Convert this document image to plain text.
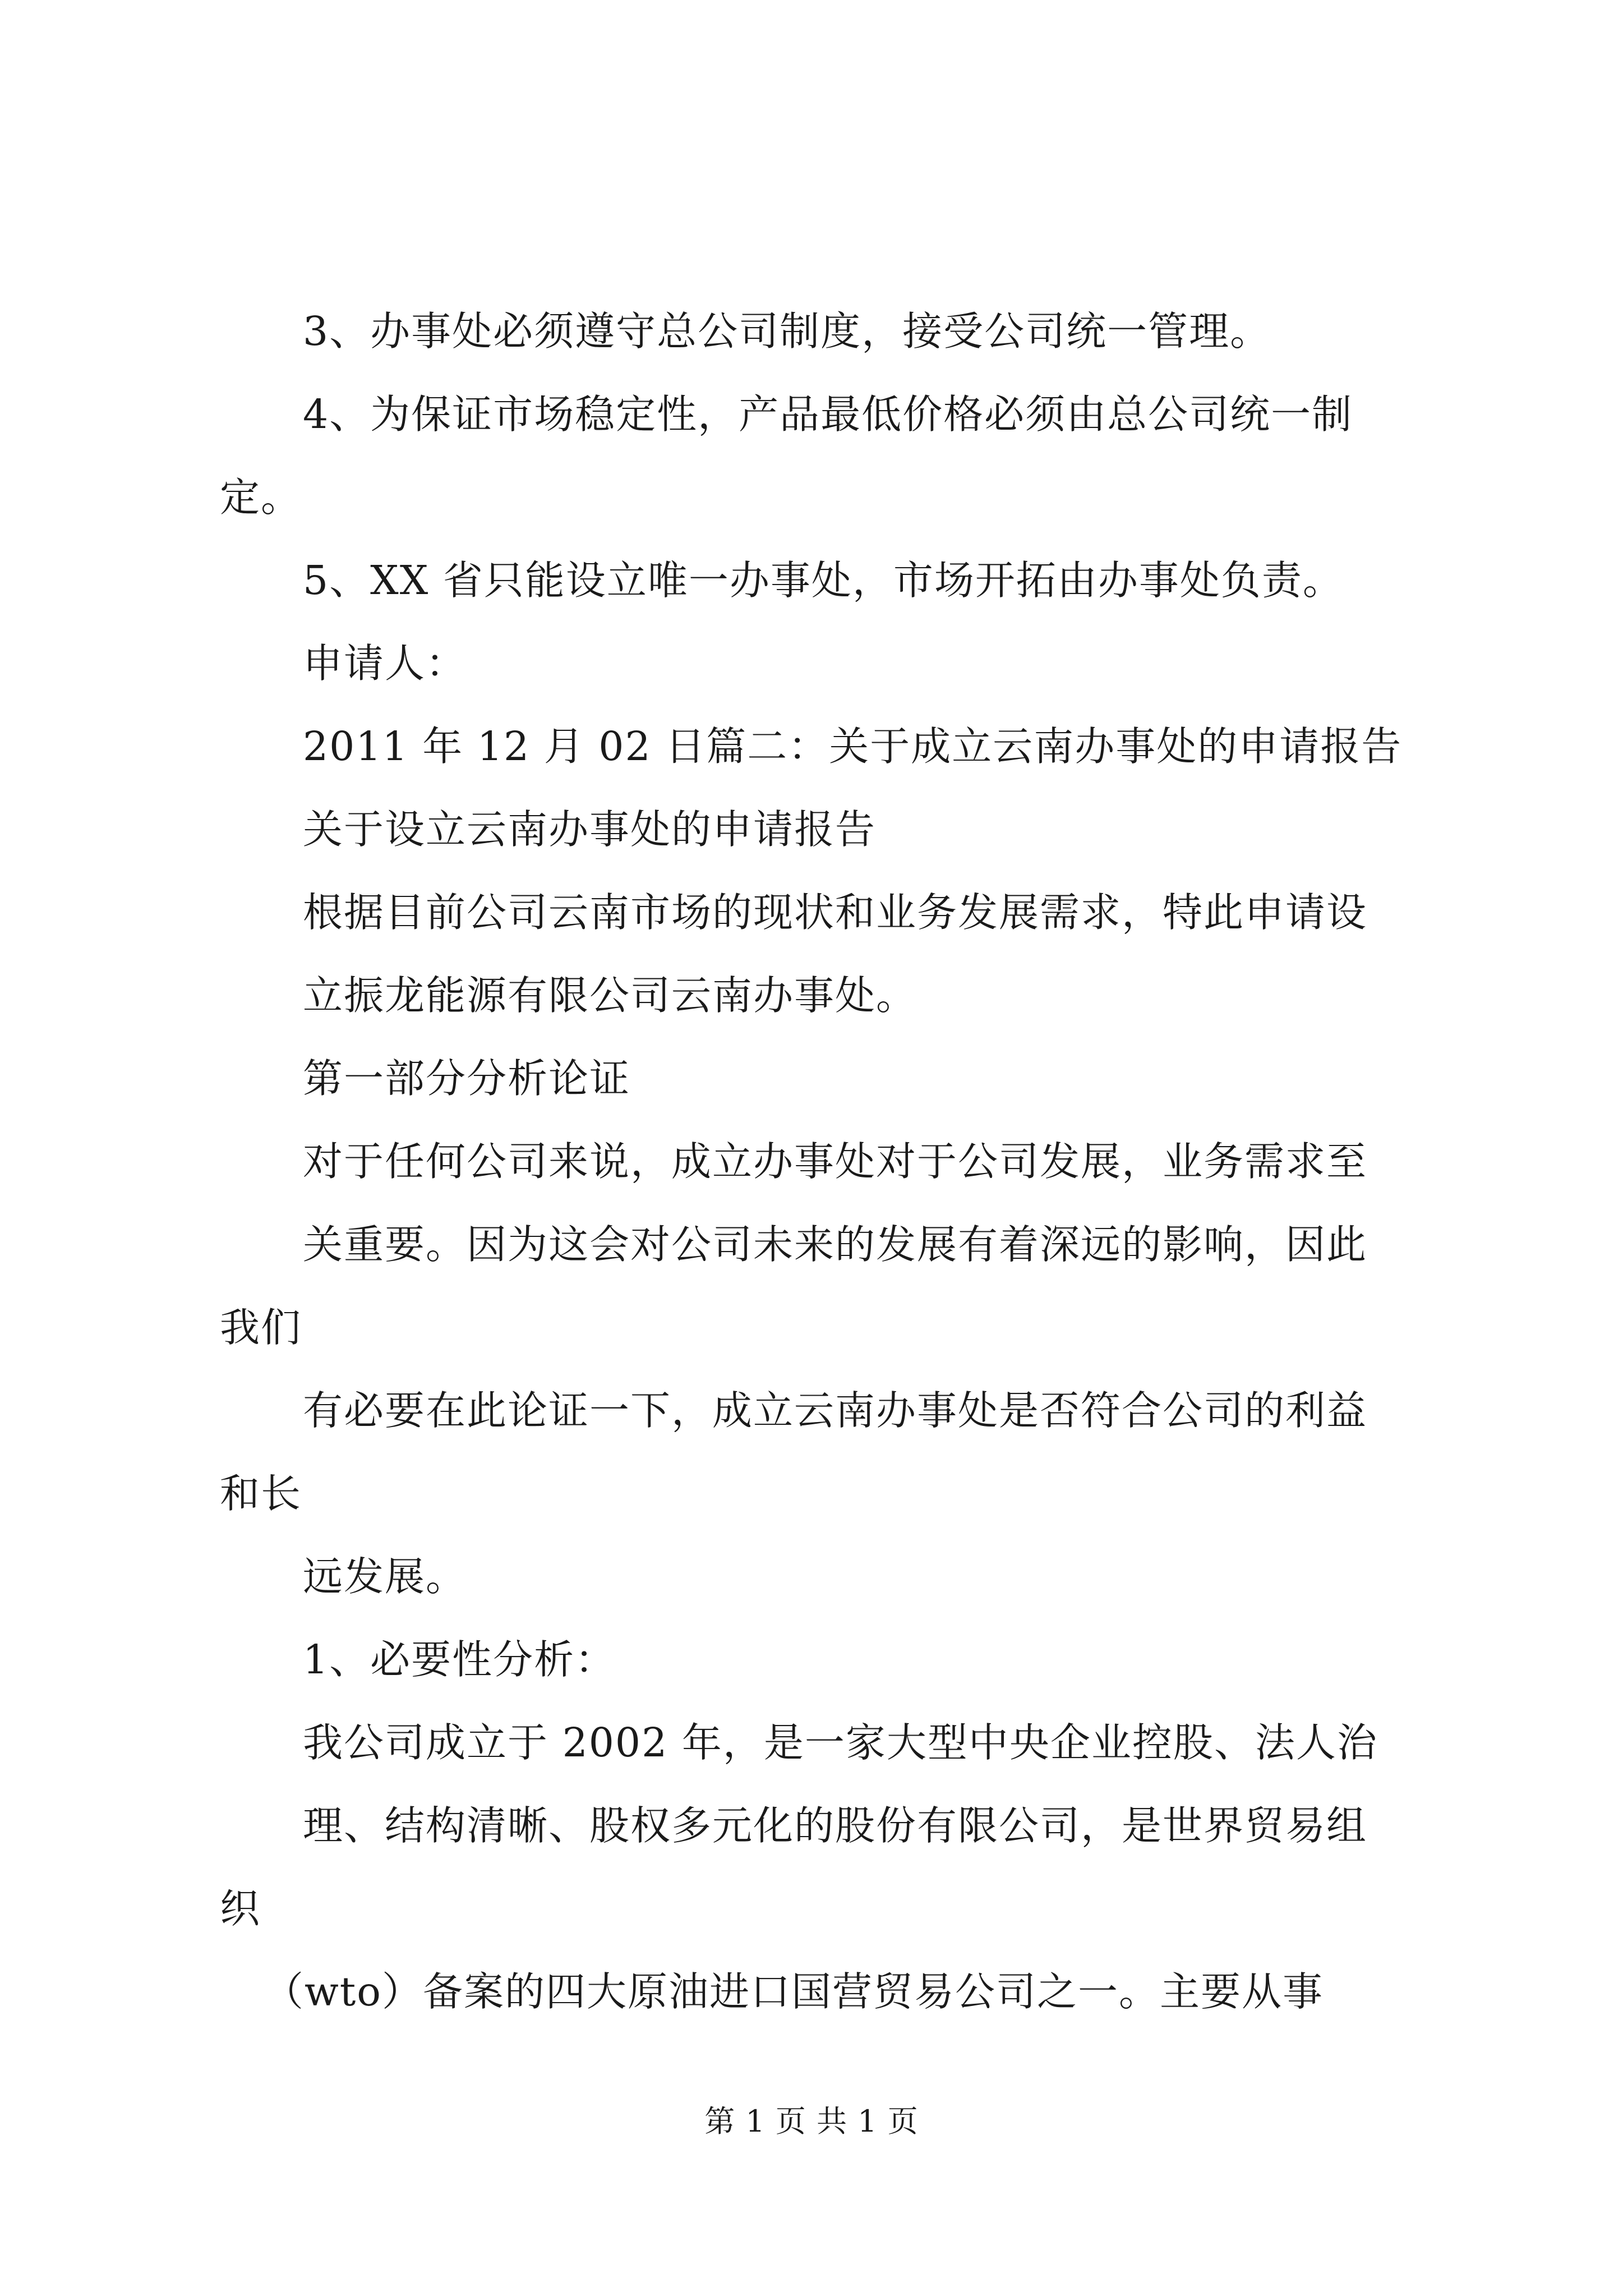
3、办事处必须遵守总公司制度，接受公司统一管理。
4、为保证市场稳定性，产品最低价格必须由总公司统一制
定。
5、XX 省只能设立唯一办事处，市场开拓由办事处负责。
申请人：
2011 年 12 月 02 日篇二：关于成立云南办事处的申请报告
关于设立云南办事处的申请报告
根据目前公司云南市场的现状和业务发展需求，特此申请设
立振龙能源有限公司云南办事处。
第一部分分析论证
对于任何公司来说，成立办事处对于公司发展，业务需求至
关重要。因为这会对公司未来的发展有着深远的影响，因此
我们
有必要在此论证一下，成立云南办事处是否符合公司的利益
和长
远发展。
1、必要性分析：
我公司成立于 2002 年，是一家大型中央企业控股、法人治
理、结构清晰、股权多元化的股份有限公司，是世界贸易组
织
（wto）备案的四大原油进口国营贸易公司之一。主要从事
第 1 页 共 1 页
